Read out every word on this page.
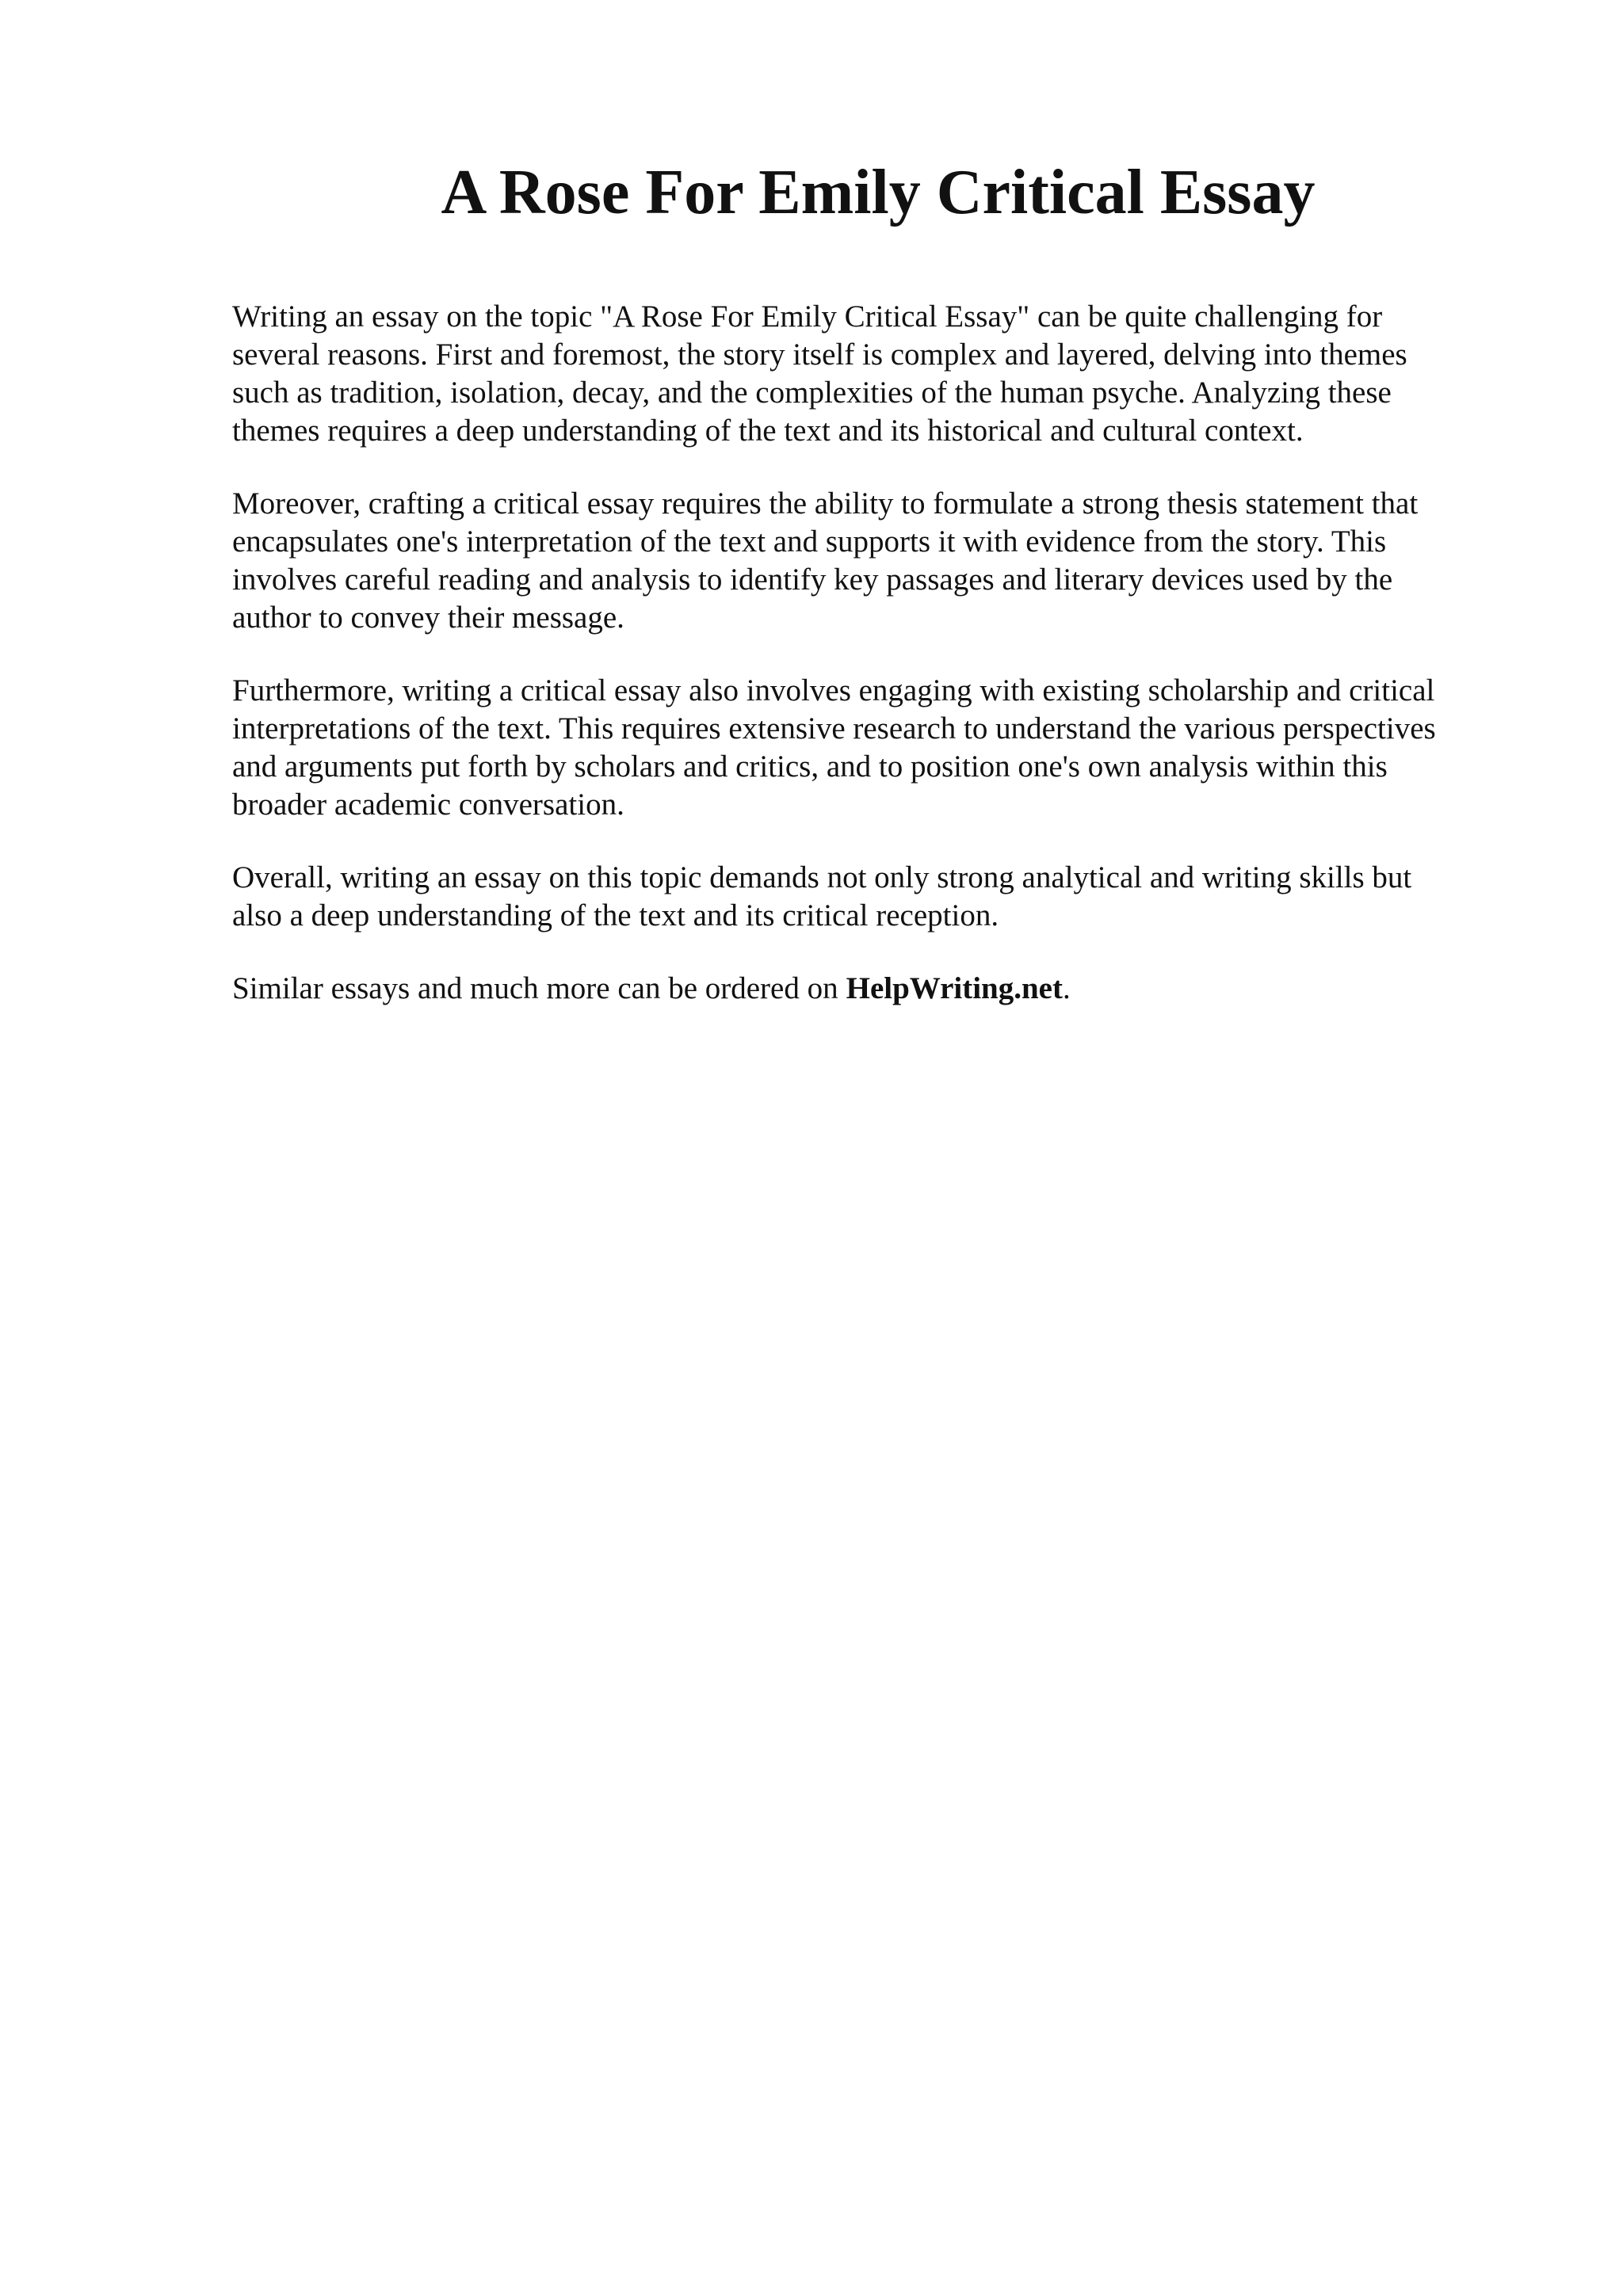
A Rose For Emily Critical Essay

Writing an essay on the topic "A Rose For Emily Critical Essay" can be quite challenging for
several reasons. First and foremost, the story itself is complex and layered, delving into themes
such as tradition, isolation, decay, and the complexities of the human psyche. Analyzing these
themes requires a deep understanding of the text and its historical and cultural context.

Moreover, crafting a critical essay requires the ability to formulate a strong thesis statement that
encapsulates one's interpretation of the text and supports it with evidence from the story. This
involves careful reading and analysis to identify key passages and literary devices used by the
author to convey their message.

Furthermore, writing a critical essay also involves engaging with existing scholarship and critical
interpretations of the text. This requires extensive research to understand the various perspectives
and arguments put forth by scholars and critics, and to position one's own analysis within this
broader academic conversation.

Overall, writing an essay on this topic demands not only strong analytical and writing skills but
also a deep understanding of the text and its critical reception.

Similar essays and much more can be ordered on HelpWriting.net.
